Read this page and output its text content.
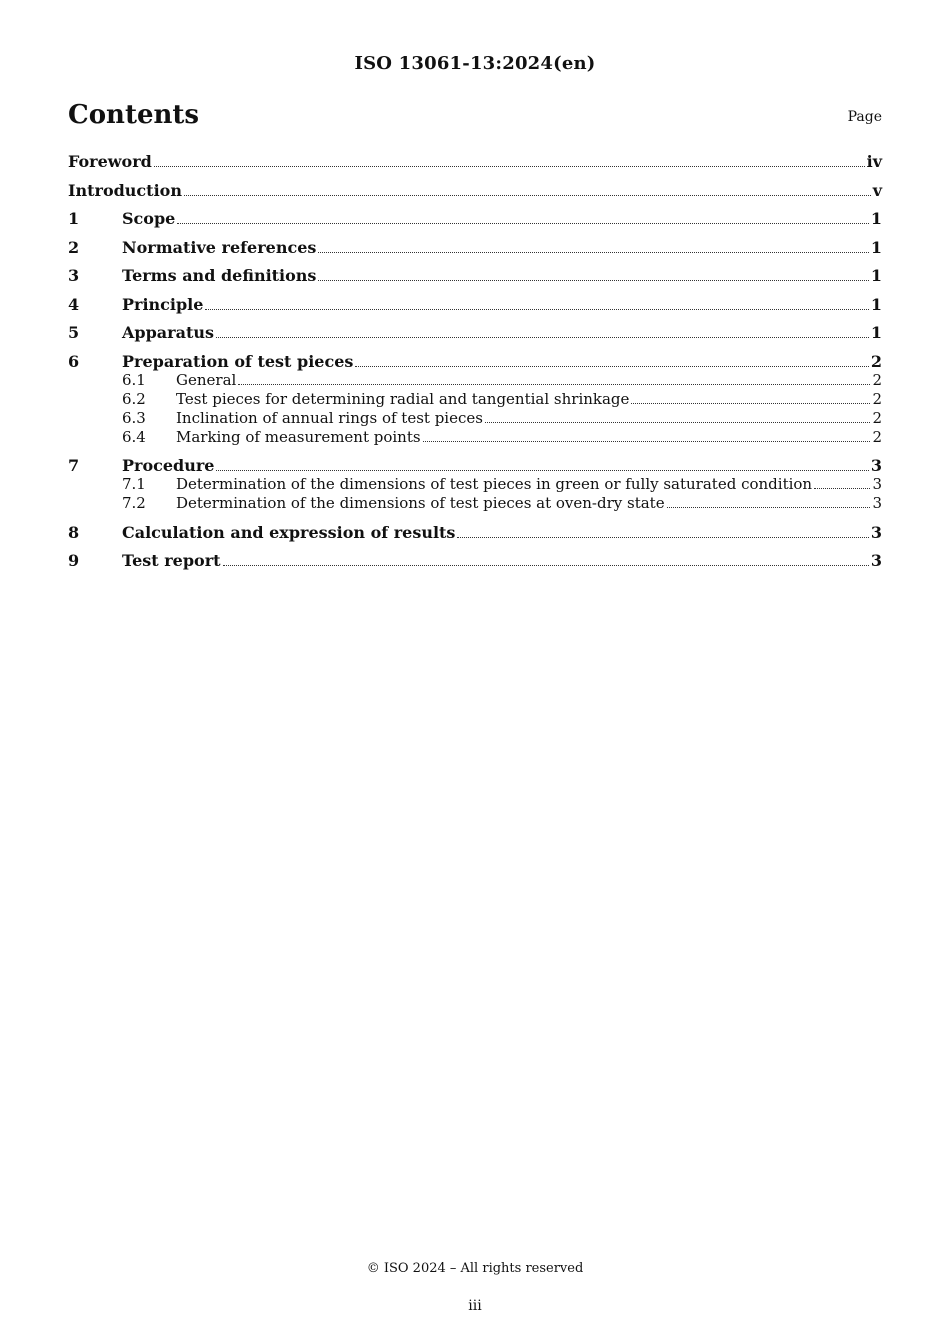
ISO 13061-13:2024(en)
Contents	Page
Foreword	iv
Introduction	v
1	Scope	1
2	Normative references	1
3	Terms and definitions	1
4	Principle	1
5	Apparatus	1
6	Preparation of test pieces	2
6.1	General	2
6.2	Test pieces for determining radial and tangential shrinkage	2
6.3	Inclination of annual rings of test pieces	2
6.4	Marking of measurement points	2
7	Procedure	3
7.1	Determination of the dimensions of test pieces in green or fully saturated condition	3
7.2	Determination of the dimensions of test pieces at oven-dry state	3
8	Calculation and expression of results	3
9	Test report	3
© ISO 2024 – All rights reserved
iii
